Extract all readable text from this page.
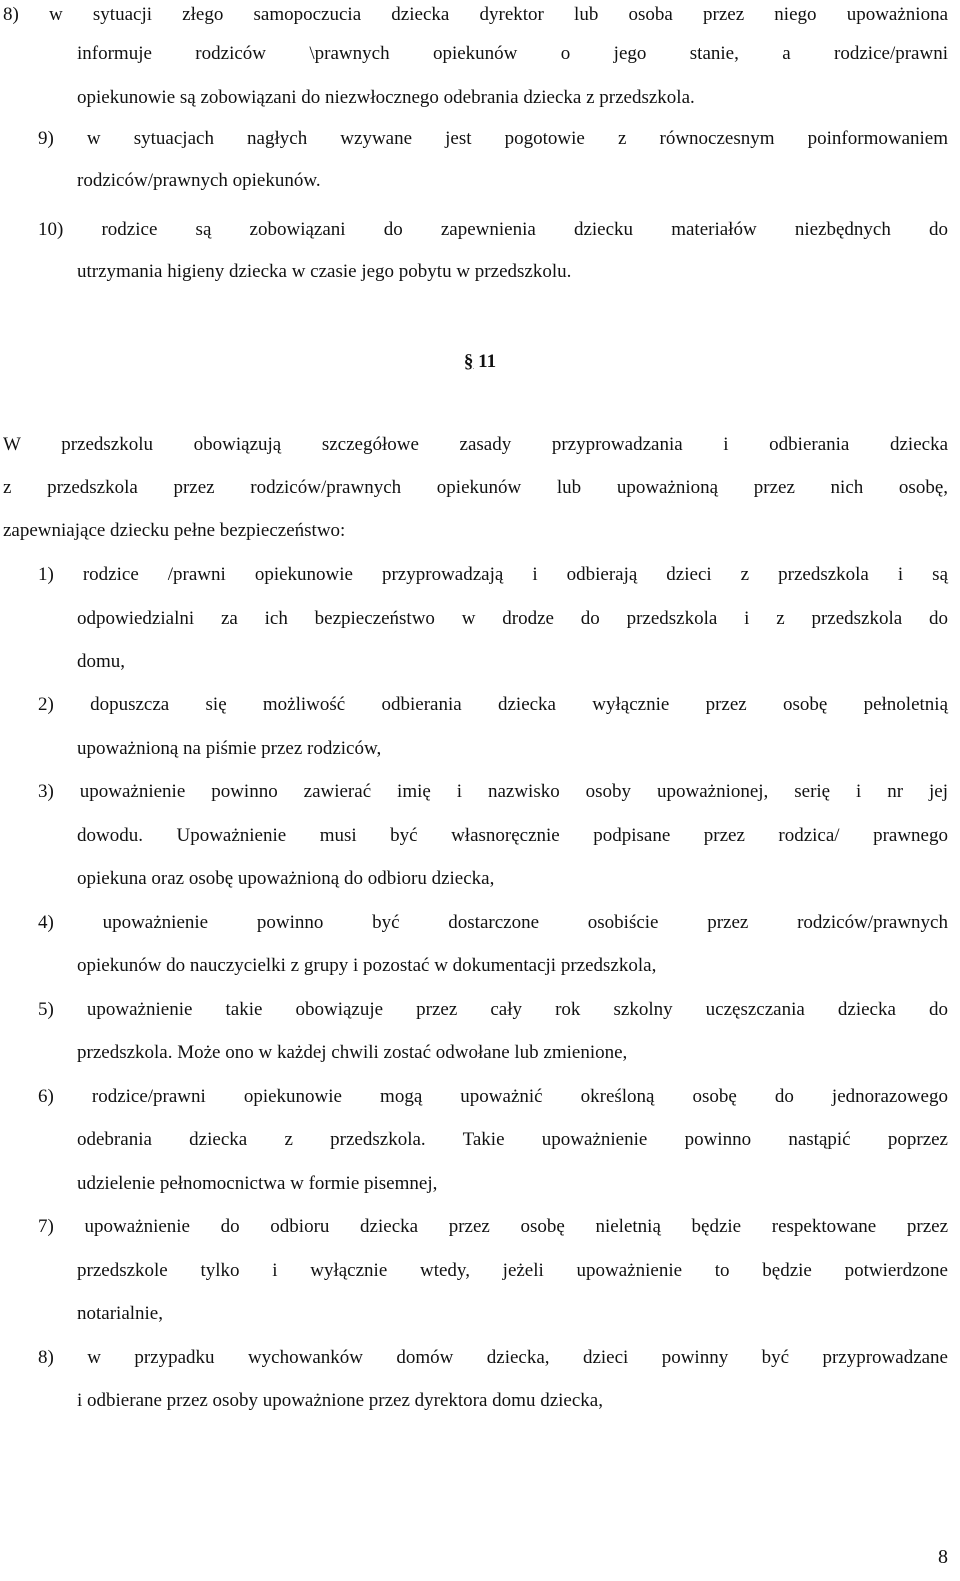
8) w sytuacji złego samopoczucia dziecka dyrektor lub osoba przez niego upoważniona
informuje rodziców \prawnych opiekunów o jego stanie, a rodzice/prawni
opiekunowie są zobowiązani do niezwłocznego odebrania dziecka z przedszkola.
9) w sytuacjach nagłych wzywane jest pogotowie z równoczesnym poinformowaniem
rodziców/prawnych opiekunów.
10) rodzice są zobowiązani do zapewnienia dziecku materiałów niezbędnych do
utrzymania higieny dziecka w czasie jego pobytu w przedszkolu.
§ 11
W przedszkolu obowiązują szczegółowe zasady przyprowadzania i odbierania dziecka
z przedszkola przez rodziców/prawnych opiekunów lub upoważnioną przez nich osobę,
zapewniające dziecku pełne bezpieczeństwo:
1) rodzice /prawni opiekunowie przyprowadzają i odbierają dzieci z przedszkola i są
odpowiedzialni za ich bezpieczeństwo w drodze do przedszkola i z przedszkola do
domu,
2) dopuszcza się możliwość odbierania dziecka wyłącznie przez osobę pełnoletnią
upoważnioną na piśmie przez rodziców,
3) upoważnienie powinno zawierać imię i nazwisko osoby upoważnionej, serię i nr jej
dowodu. Upoważnienie musi być własnoręcznie podpisane przez rodzica/ prawnego
opiekuna oraz osobę upoważnioną do odbioru dziecka,
4) upoważnienie powinno być dostarczone osobiście przez rodziców/prawnych
opiekunów do nauczycielki z grupy i pozostać w dokumentacji przedszkola,
5) upoważnienie takie obowiązuje przez cały rok szkolny uczęszczania dziecka do
przedszkola. Może ono w każdej chwili zostać odwołane lub zmienione,
6) rodzice/prawni opiekunowie mogą upoważnić określoną osobę do jednorazowego
odebrania dziecka z przedszkola. Takie upoważnienie powinno nastąpić poprzez
udzielenie pełnomocnictwa w formie pisemnej,
7) upoważnienie do odbioru dziecka przez osobę nieletnią będzie respektowane przez
przedszkole tylko i wyłącznie wtedy, jeżeli upoważnienie to będzie potwierdzone
notarialnie,
8) w przypadku wychowanków domów dziecka, dzieci powinny być przyprowadzane
i odbierane przez osoby upoważnione przez dyrektora domu dziecka,
8
